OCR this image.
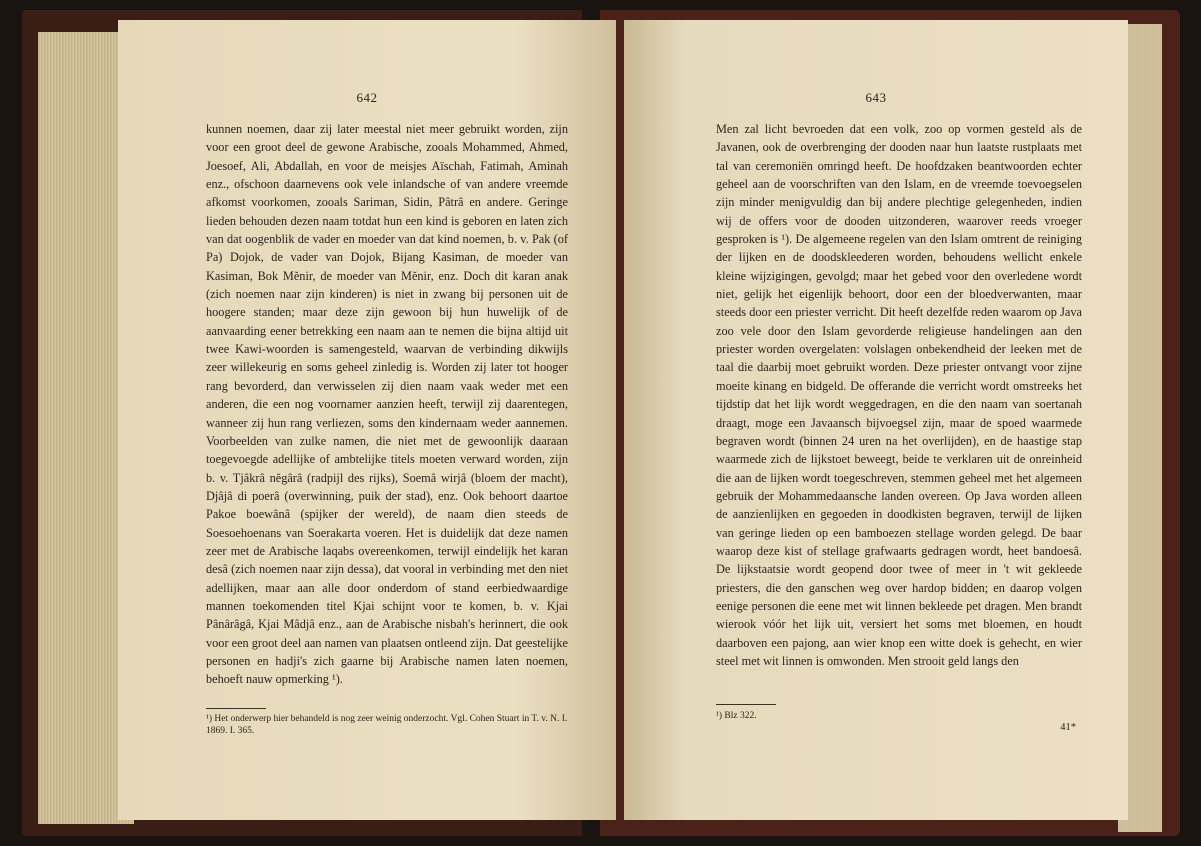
642

kunnen noemen, daar zij later meestal niet meer gebruikt worden, zijn voor een groot deel de gewone Arabische, zooals Mohammed, Ahmed, Joesoef, Ali, Abdallah, en voor de meisjes Aïschah, Fatimah, Aminah enz., ofschoon daarnevens ook vele inlandsche of van andere vreemde afkomst voorkomen, zooals Sariman, Sidin, Pâtrâ en andere. Geringe lieden behouden dezen naam totdat hun een kind is geboren en laten zich van dat oogenblik de vader en moeder van dat kind noemen, b. v. Pak (of Pa) Dojok, de vader van Dojok, Bijang Kasiman, de moeder van Kasiman, Bok Mĕnir, de moeder van Mĕnir, enz. Doch dit karan anak (zich noemen naar zijn kinderen) is niet in zwang bij personen uit de hoogere standen; maar deze zijn gewoon bij hun huwelijk of de aanvaarding eener betrekking een naam aan te nemen die bijna altijd uit twee Kawi-woorden is samengesteld, waarvan de verbinding dikwijls zeer willekeurig en soms geheel zinledig is. Worden zij later tot hooger rang bevorderd, dan verwisselen zij dien naam vaak weder met een anderen, die een nog voornamer aanzien heeft, terwijl zij daarentegen, wanneer zij hun rang verliezen, soms den kindernaam weder aannemen. Voorbeelden van zulke namen, die niet met de gewoonlijk daaraan toegevoegde adellijke of ambtelijke titels moeten verward worden, zijn b. v. Tjâkrâ nĕgârâ (radpijl des rijks), Soemâ wirjâ (bloem der macht), Djâjâ di poerâ (overwinning, puik der stad), enz. Ook behoort daartoe Pakoe boewânâ (spijker der wereld), de naam dien steeds de Soesoehoenans van Soerakarta voeren. Het is duidelijk dat deze namen zeer met de Arabische laqabs overeenkomen, terwijl eindelijk het karan desâ (zich noemen naar zijn dessa), dat vooral in verbinding met den niet adellijken, maar aan alle door onderdom of stand eerbiedwaardige mannen toekomenden titel Kjai schijnt voor te komen, b. v. Kjai Pânârâgâ, Kjai Mâdjâ enz., aan de Arabische nisbah's herinnert, die ook voor een groot deel aan namen van plaatsen ontleend zijn. Dat geestelijke personen en hadji's zich gaarne bij Arabische namen laten noemen, behoeft nauw opmerking ¹).

¹) Het onderwerp hier behandeld is nog zeer weinig onderzocht. Vgl. Cohen Stuart in T. v. N. I. 1869. I. 365.

643

Men zal licht bevroeden dat een volk, zoo op vormen gesteld als de Javanen, ook de overbrenging der dooden naar hun laatste rustplaats met tal van ceremoniën omringd heeft. De hoofdzaken beantwoorden echter geheel aan de voorschriften van den Islam, en de vreemde toevoegselen zijn minder menigvuldig dan bij andere plechtige gelegenheden, indien wij de offers voor de dooden uitzonderen, waarover reeds vroeger gesproken is ¹). De algemeene regelen van den Islam omtrent de reiniging der lijken en de doodskleederen worden, behoudens wellicht enkele kleine wijzigingen, gevolgd; maar het gebed voor den overledene wordt niet, gelijk het eigenlijk behoort, door een der bloedverwanten, maar steeds door een priester verricht. Dit heeft dezelfde reden waarom op Java zoo vele door den Islam gevorderde religieuse handelingen aan den priester worden overgelaten: volslagen onbekendheid der leeken met de taal die daarbij moet gebruikt worden. Deze priester ontvangt voor zijne moeite kinang en bidgeld. De offerande die verricht wordt omstreeks het tijdstip dat het lijk wordt weggedragen, en die den naam van soertanah draagt, moge een Javaansch bijvoegsel zijn, maar de spoed waarmede begraven wordt (binnen 24 uren na het overlijden), en de haastige stap waarmede zich de lijkstoet beweegt, beide te verklaren uit de onreinheid die aan de lijken wordt toegeschreven, stemmen geheel met het algemeen gebruik der Mohammedaansche landen overeen. Op Java worden alleen de aanzienlijken en gegoeden in doodkisten begraven, terwijl de lijken van geringe lieden op een bamboezen stellage worden gelegd. De baar waarop deze kist of stellage grafwaarts gedragen wordt, heet bandoesâ. De lijkstaatsie wordt geopend door twee of meer in 't wit gekleede priesters, die den ganschen weg over hardop bidden; en daarop volgen eenige personen die eene met wit linnen bekleede pet dragen. Men brandt wierook vóór het lijk uit, versiert het soms met bloemen, en houdt daarboven een pajong, aan wier knop een witte doek is gehecht, en wier steel met wit linnen is omwonden. Men strooit geld langs den

¹) Blz 322.

41*
